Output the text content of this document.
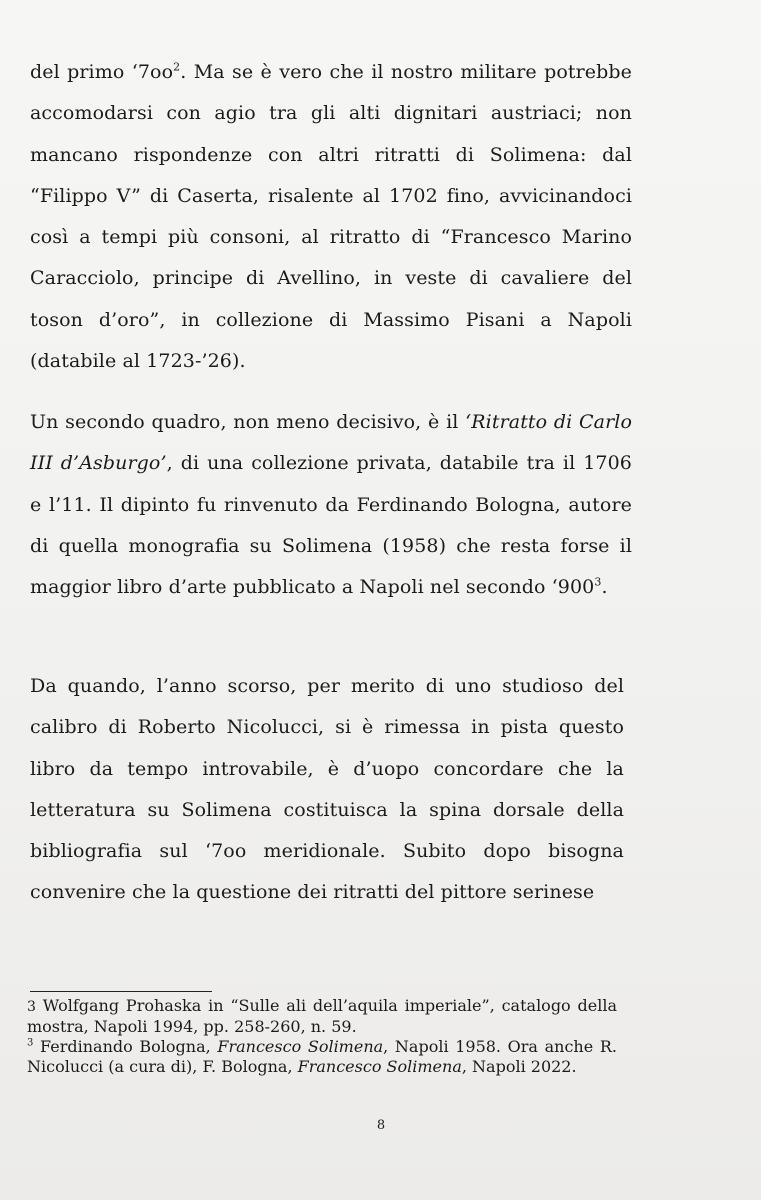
del primo ‘$7oo^2$. Ma se è vero che il nostro militare potrebbe accomodarsi con agio tra gli alti dignitari austriaci; non mancano rispondenze con altri ritratti di Solimena: dal “Filippo V” di Caserta, risalente al 1702 fino, avvicinandoci così a tempi più consoni, al ritratto di “Francesco Marino Caracciolo, principe di Avellino, in veste di cavaliere del toson d’oro”, in collezione di Massimo Pisani a Napoli (databile al 1723-’26).

Un secondo quadro, non meno decisivo, è il ‘Ritratto di Carlo III d’Asburgo’, di una collezione privata, databile tra il 1706 e l’11. Il dipinto fu rinvenuto da Ferdinando Bologna, autore di quella monografia su Solimena (1958) che resta forse il maggior libro d’arte pubblicato a Napoli nel secondo ‘$900^3$.

Da quando, l’anno scorso, per merito di uno studioso del calibro di Roberto Nicolucci, si è rimessa in pista questo libro da tempo introvabile, è d’uopo concordare che la letteratura su Solimena costituisca la spina dorsale della bibliografia sul ‘7oo meridionale. Subito dopo bisogna convenire che la questione dei ritratti del pittore serinese

3 Wolfgang Prohaska in “Sulle ali dell’aquila imperiale”, catalogo della mostra, Napoli 1994, pp. 258-260, n. 59.

$^3$ Ferdinando Bologna, Francesco Solimena, Napoli 1958. Ora anche R. Nicolucci (a cura di), F. Bologna, Francesco Solimena, Napoli 2022.

8
